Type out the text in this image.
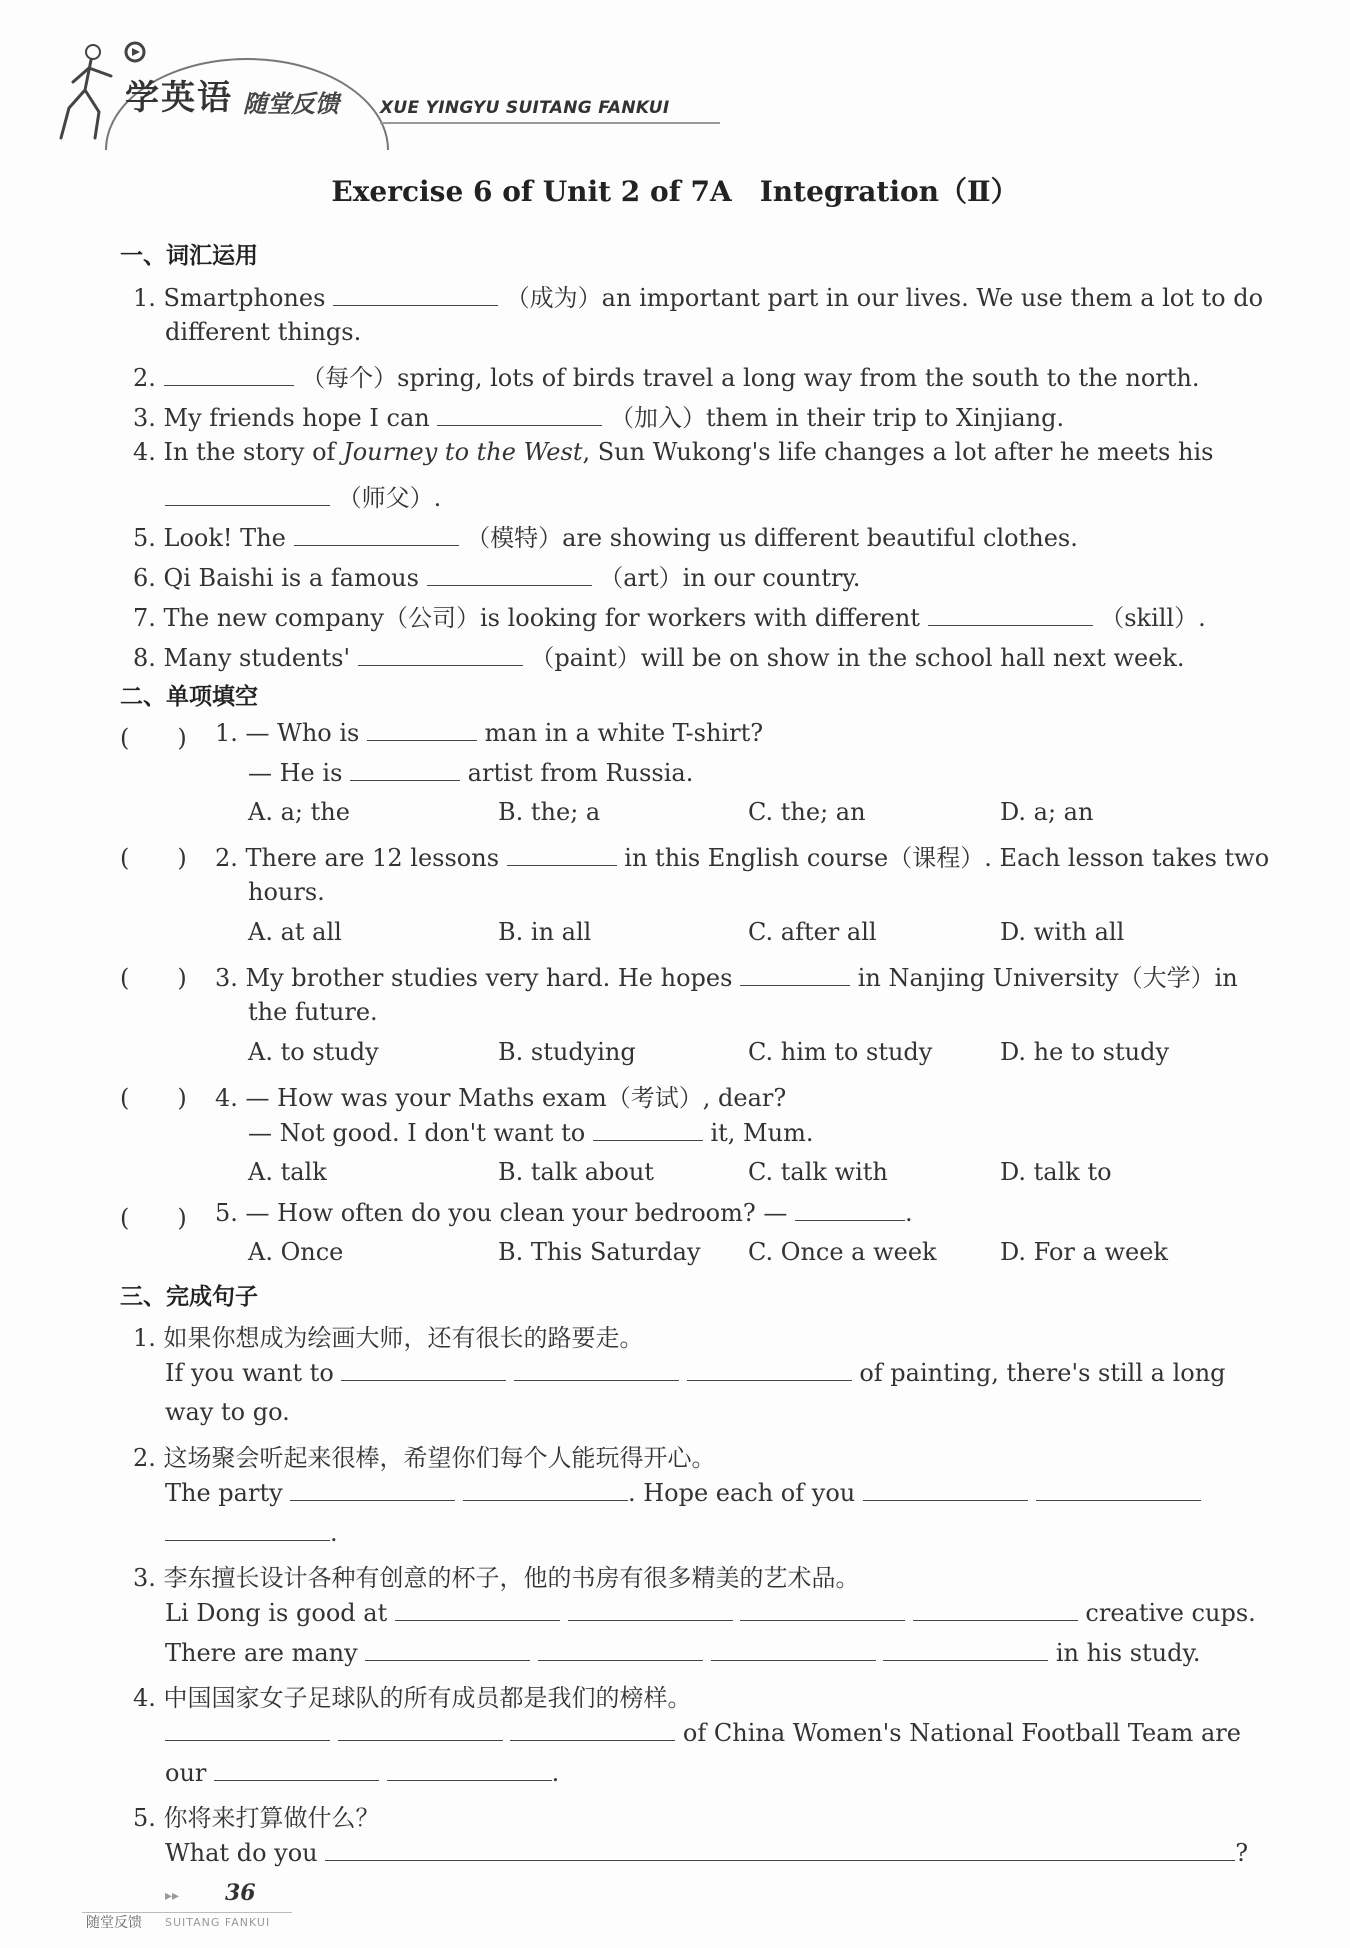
学英语 随堂反馈 XUE YINGYU SUITANG FANKUI
Exercise 6 of Unit 2 of 7A　Integration（Ⅱ）
一、词汇运用
1. Smartphones	（成为）an important part in our lives. We use them a lot to do
different things.
2.	（每个）spring, lots of birds travel a long way from the south to the north.
3. My friends hope I can	（加入）them in their trip to Xinjiang.
4. In the story of Journey to the West, Sun Wukong's life changes a lot after he meets his
（师父）.
5. Look! The	（模特）are showing us different beautiful clothes.
6. Qi Baishi is a famous	（art）in our country.
7. The new company（公司）is looking for workers with different	（skill）.
8. Many students'	（paint）will be on show in the school hall next week.
二、单项填空
(　　) 1. — Who is	man in a white T-shirt?
— He is	artist from Russia.
A. a; the	B. the; a	C. the; an	D. a; an
(　　) 2. There are 12 lessons	in this English course（课程）. Each lesson takes two
hours.
A. at all	B. in all	C. after all	D. with all
(　　) 3. My brother studies very hard. He hopes	in Nanjing University（大学）in
the future.
A. to study	B. studying	C. him to study	D. he to study
(　　) 4. — How was your Maths exam（考试）, dear?
— Not good. I don't want to	it, Mum.
A. talk	B. talk about	C. talk with	D. talk to
(　　) 5. — How often do you clean your bedroom? —	.
A. Once	B. This Saturday C. Once a week	D. For a week
三、完成句子
1. 如果你想成为绘画大师，还有很长的路要走。
If you want to	of painting, there's still a long
way to go.
2. 这场聚会听起来很棒，希望你们每个人能玩得开心。
The party	. Hope each of you
.
3. 李东擅长设计各种有创意的杯子，他的书房有很多精美的艺术品。
Li Dong is good at	creative cups.
There are many	in his study.
4. 中国国家女子足球队的所有成员都是我们的榜样。
of China Women's National Football Team are
our	.
5. 你将来打算做什么？
What do you	?
▸▸ 36
随堂反馈 SUITANG FANKUI
